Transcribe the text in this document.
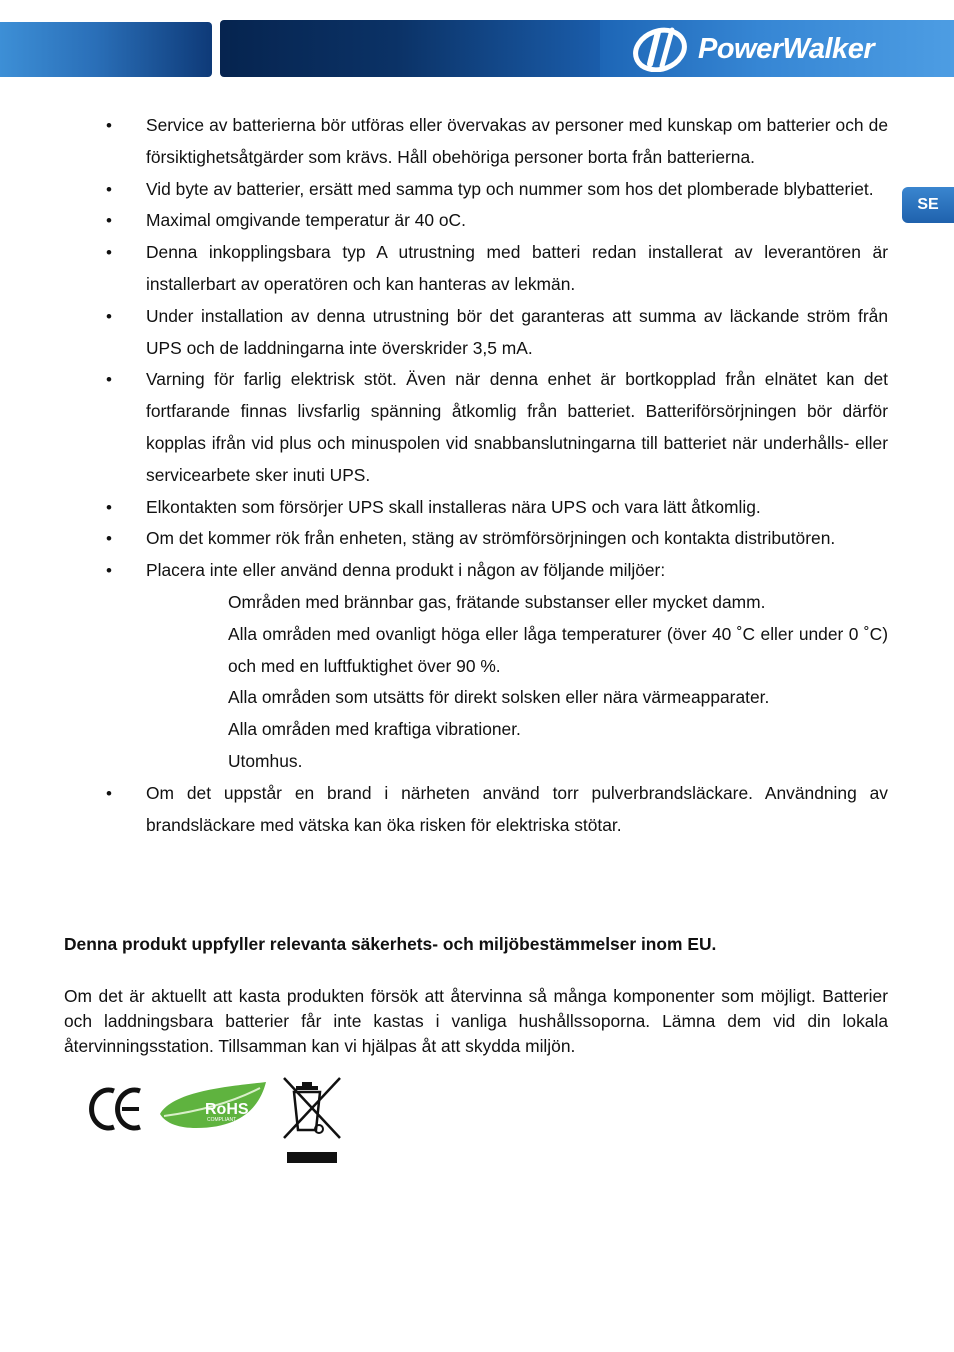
PowerWalker
SE
• Service av batterierna bör utföras eller övervakas av personer med kunskap om batterier och de försiktighetsåtgärder som krävs. Håll obehöriga personer borta från batterierna.
• Vid byte av batterier, ersätt med samma typ och nummer som hos det plomberade blybatteriet.
• Maximal omgivande temperatur är 40 oC.
• Denna inkopplingsbara typ A utrustning med batteri redan installerat av leverantören är installerbart av operatören och kan hanteras av lekmän.
• Under installation av denna utrustning bör det garanteras att summa av läckande ström från UPS och de laddningarna inte överskrider 3,5 mA.
• Varning för farlig elektrisk stöt. Även när denna enhet är bortkopplad från elnätet kan det fortfarande finnas livsfarlig spänning åtkomlig från batteriet. Batteriförsörjningen bör därför kopplas ifrån vid plus och minuspolen vid snabbanslutningarna till batteriet när underhålls- eller servicearbete sker inuti UPS.
• Elkontakten som försörjer UPS skall installeras nära UPS och vara lätt åtkomlig.
• Om det kommer rök från enheten, stäng av strömförsörjningen och kontakta distributören.
• Placera inte eller använd denna produkt i någon av följande miljöer:
Områden med brännbar gas, frätande substanser eller mycket damm.
Alla områden med ovanligt höga eller låga temperaturer (över 40 ˚C eller under 0 ˚C) och med en luftfuktighet över 90 %.
Alla områden som utsätts för direkt solsken eller nära värmeapparater.
Alla områden med kraftiga vibrationer.
Utomhus.
• Om det uppstår en brand i närheten använd torr pulverbrandsläckare. Användning av brandsläckare med vätska kan öka risken för elektriska stötar.
Denna produkt uppfyller relevanta säkerhets- och miljöbestämmelser inom EU.
Om det är aktuellt att kasta produkten försök att återvinna så många komponenter som möjligt. Batterier och laddningsbara batterier får inte kastas i vanliga hushållssoporna. Lämna dem vid din lokala återvinningsstation. Tillsamman kan vi hjälpas åt att skydda miljön.
CE
RoHS
COMPLIANT
